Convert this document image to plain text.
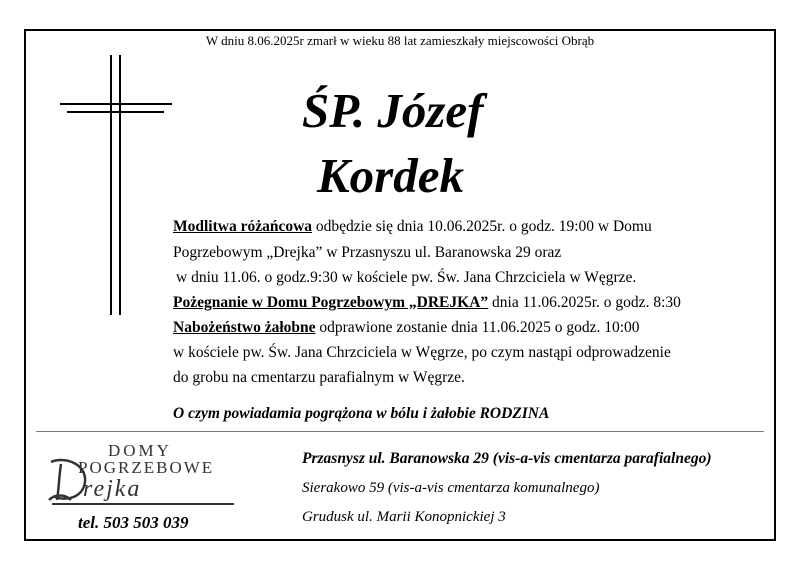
W dniu 8.06.2025r zmarł w wieku 88 lat zamieszkały miejscowości Obrąb
ŚP. Józef
Kordek
Modlitwa różańcowa odbędzie się dnia 10.06.2025r. o godz. 19:00 w Domu
Pogrzebowym „Drejka” w Przasnyszu ul. Baranowska 29 oraz
w dniu 11.06. o godz.9:30 w kościele pw. Św. Jana Chrzciciela w Węgrze.
Pożegnanie w Domu Pogrzebowym „DREJKA” dnia 11.06.2025r. o godz. 8:30
Nabożeństwo żałobne odprawione zostanie dnia 11.06.2025 o godz. 10:00
w kościele pw. Św. Jana Chrzciciela w Węgrze, po czym nastąpi odprowadzenie
do grobu na cmentarzu parafialnym w Węgrze.
O czym powiadamia pogrążona w bólu i żałobie RODZINA
DOMY
POGRZEBOWE
rejka
tel. 503 503 039
Przasnysz ul. Baranowska 29 (vis-a-vis cmentarza parafialnego)
Sierakowo 59 (vis-a-vis cmentarza komunalnego)
Grudusk ul. Marii Konopnickiej 3
